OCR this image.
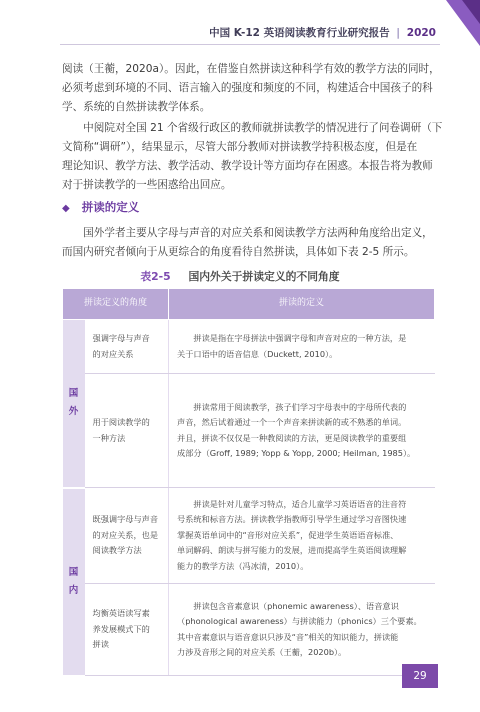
中国 K-12 英语阅读教育行业研究报告 | 2020

阅读（王蘅，2020a）。因此，在借鉴自然拼读这种科学有效的教学方法的同时，
必须考虑到环境的不同、语言输入的强度和频度的不同，构建适合中国孩子的科
学、系统的自然拼读教学体系。

　　中阅院对全国 21 个省级行政区的教师就拼读教学的情况进行了问卷调研（下
文简称“调研”），结果显示，尽管大部分教师对拼读教学持积极态度，但是在
理论知识、教学方法、教学活动、教学设计等方面均存在困惑。本报告将为教师
对于拼读教学的一些困惑给出回应。

◆ 拼读的定义

　　国外学者主要从字母与声音的对应关系和阅读教学方法两种角度给出定义，
而国内研究者倾向于从更综合的角度看待自然拼读，具体如下表 2-5 所示。

表2-5 国内外关于拼读定义的不同角度
拼读定义的角度		拼读的定义

国
外	强调字母与声音
的对应关系	　　拼读是指在字母拼法中强调字母和声音对应的一种方法，是
关于口语中的语音信息（Duckett, 2010）。

	用于阅读教学的
一种方法	　　拼读常用于阅读教学，孩子们学习字母表中的字母所代表的
声音，然后试着通过一个一个声音来拼读新的或不熟悉的单词。
并且，拼读不仅仅是一种教阅读的方法，更是阅读教学的重要组
成部分（Groff, 1989; Yopp & Yopp, 2000; Heilman, 1985）。

国
内	既强调字母与声音
的对应关系，也是
阅读教学方法	　　拼读是针对儿童学习特点，适合儿童学习英语语音的注音符
号系统和标音方法。拼读教学指教师引导学生通过学习音图快速
掌握英语单词中的“音形对应关系”，促进学生英语语音标准、
单词解码、朗读与拼写能力的发展，进而提高学生英语阅读理解
能力的教学方法（冯冰清，2010）。

	均衡英语读写素
养发展模式下的
拼读	　　拼读包含音素意识（phonemic awareness）、语音意识
（phonological awareness）与拼读能力（phonics）三个要素。
其中音素意识与语音意识只涉及“音”相关的知识能力，拼读能
力涉及音形之间的对应关系（王蘅，2020b）。
29
